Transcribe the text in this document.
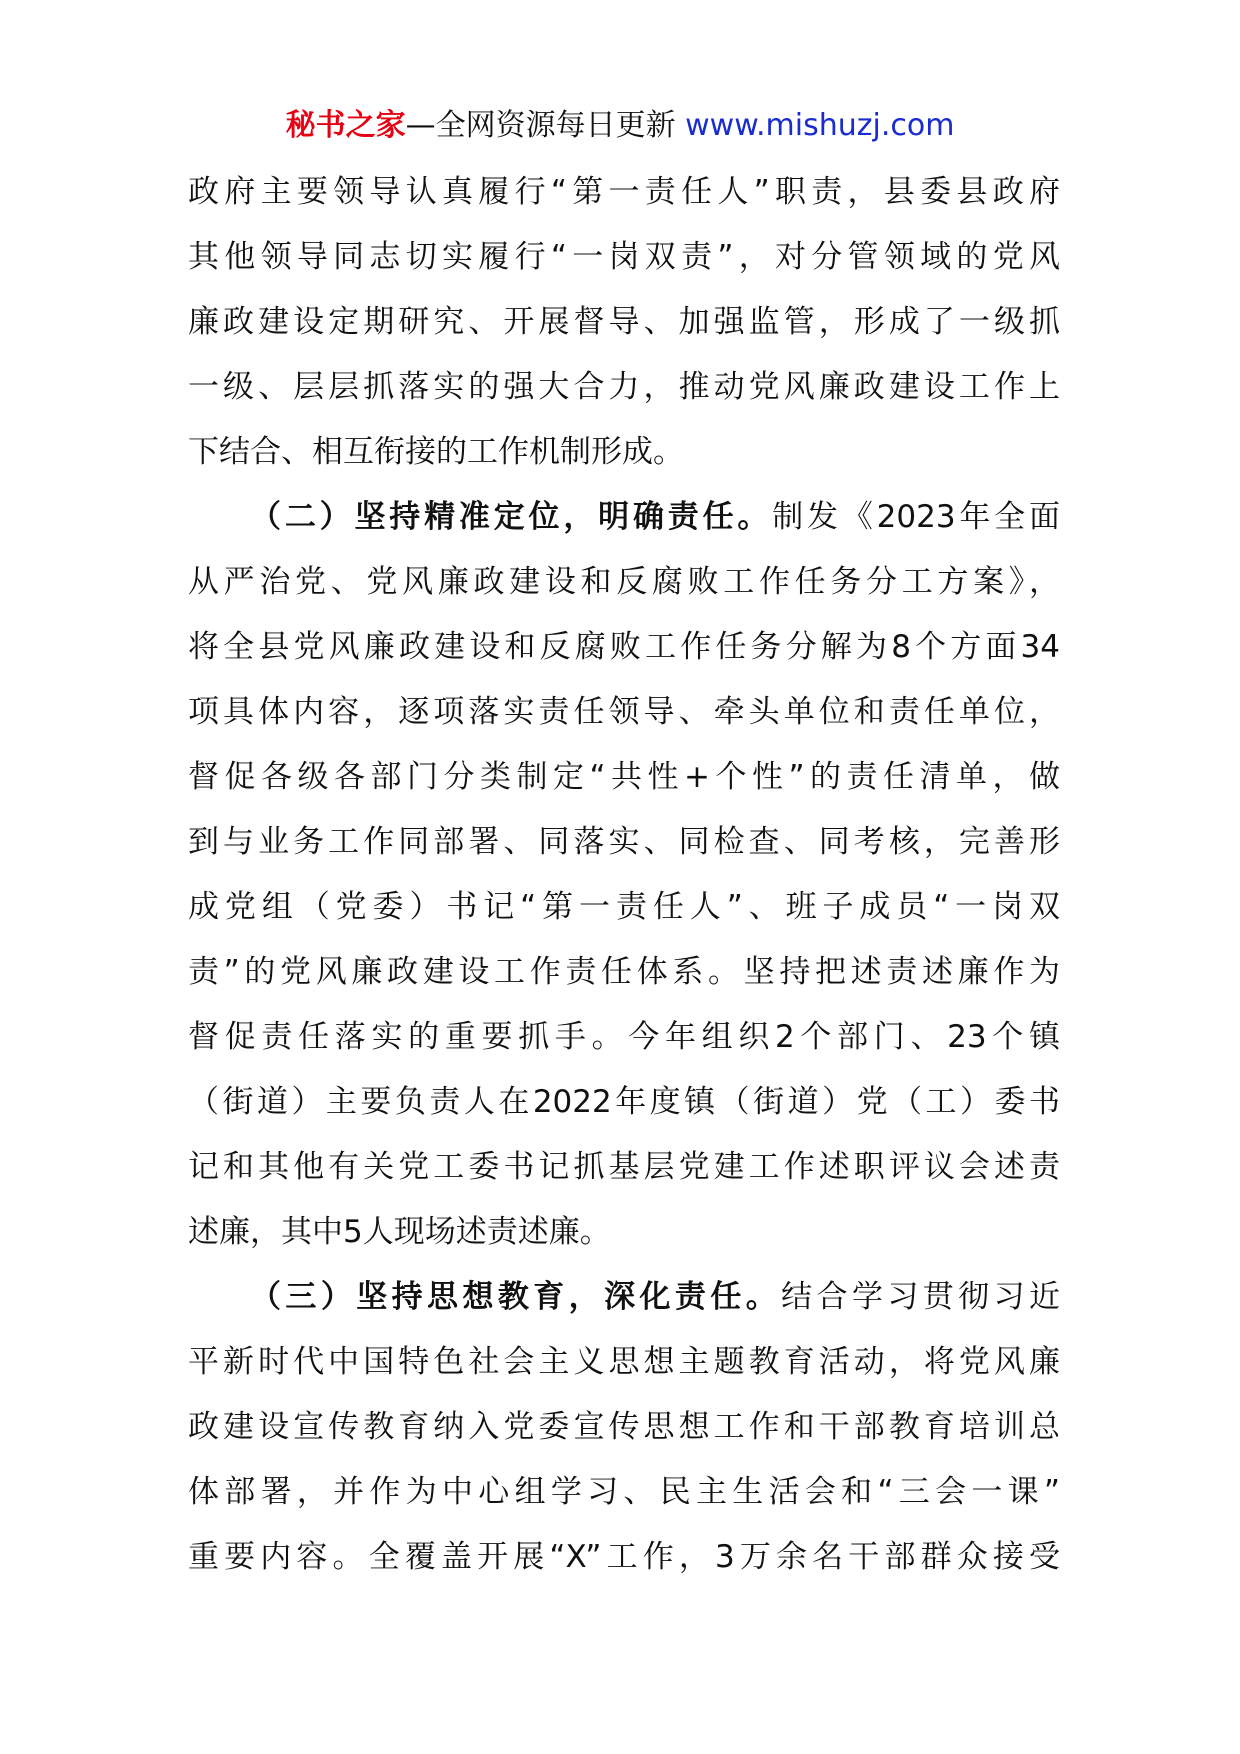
秘书之家—全网资源每日更新 www.mishuzj.com
政府主要领导认真履行“第一责任人”职责，县委县政府
其他领导同志切实履行“一岗双责”，对分管领域的党风
廉政建设定期研究、开展督导、加强监管，形成了一级抓
一级、层层抓落实的强大合力，推动党风廉政建设工作上
下结合、相互衔接的工作机制形成。
（二）坚持精准定位，明确责任。制发《2023年全面
从严治党、党风廉政建设和反腐败工作任务分工方案》，
将全县党风廉政建设和反腐败工作任务分解为8个方面34
项具体内容，逐项落实责任领导、牵头单位和责任单位，
督促各级各部门分类制定“共性+个性”的责任清单，做
到与业务工作同部署、同落实、同检查、同考核，完善形
成党组（党委）书记“第一责任人”、班子成员“一岗双
责”的党风廉政建设工作责任体系。坚持把述责述廉作为
督促责任落实的重要抓手。今年组织2个部门、23个镇
（街道）主要负责人在2022年度镇（街道）党（工）委书
记和其他有关党工委书记抓基层党建工作述职评议会述责
述廉，其中5人现场述责述廉。
（三）坚持思想教育，深化责任。结合学习贯彻习近
平新时代中国特色社会主义思想主题教育活动，将党风廉
政建设宣传教育纳入党委宣传思想工作和干部教育培训总
体部署，并作为中心组学习、民主生活会和“三会一课”
重要内容。全覆盖开展“X”工作，3万余名干部群众接受
